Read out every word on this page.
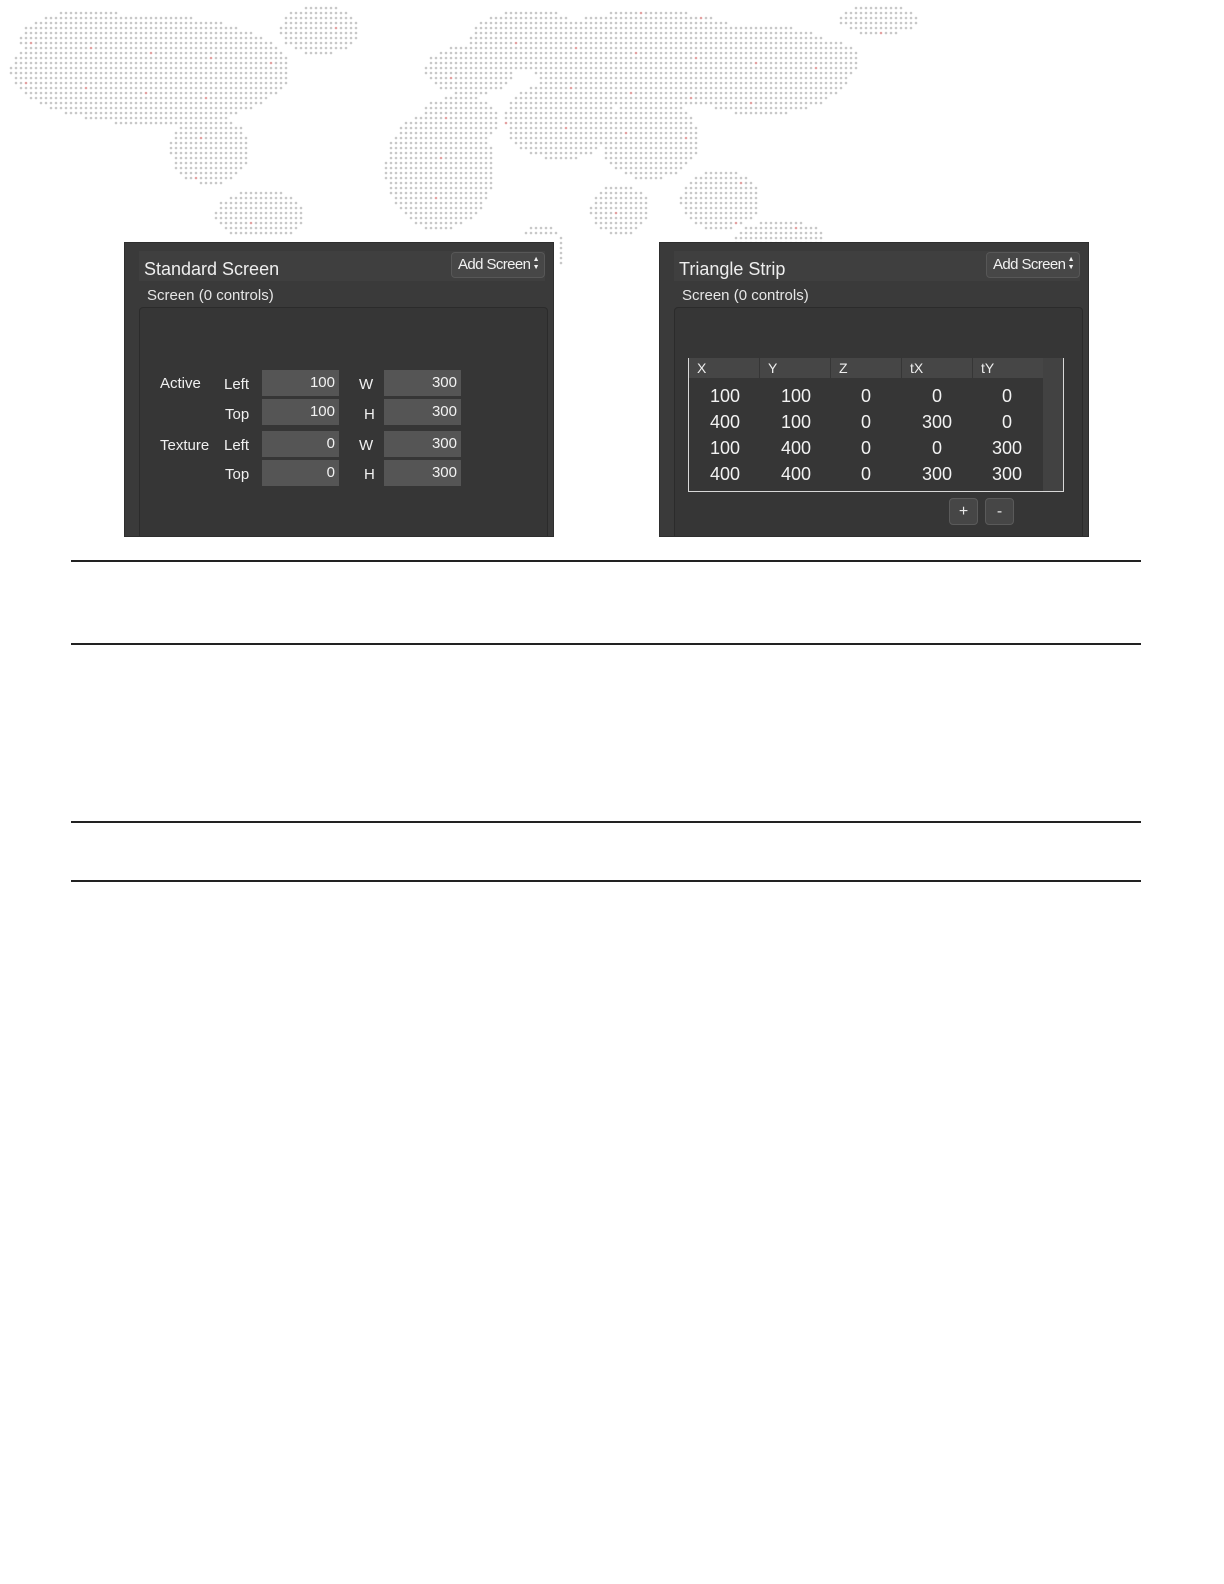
Standard Screen	Add Screen ▲
▼
Screen (0 controls)
Active Left	100 W	300
Top	100 H	300
Texture Left	0 W	300
Top	0 H	300
Triangle Strip	Add Screen ▲
▼
Screen (0 controls)
X	Y	Z	tX	tY
100	100	0	0	0
400	100	0	300	0
100	400	0	0	300
400	400	0	300	300
+	-
